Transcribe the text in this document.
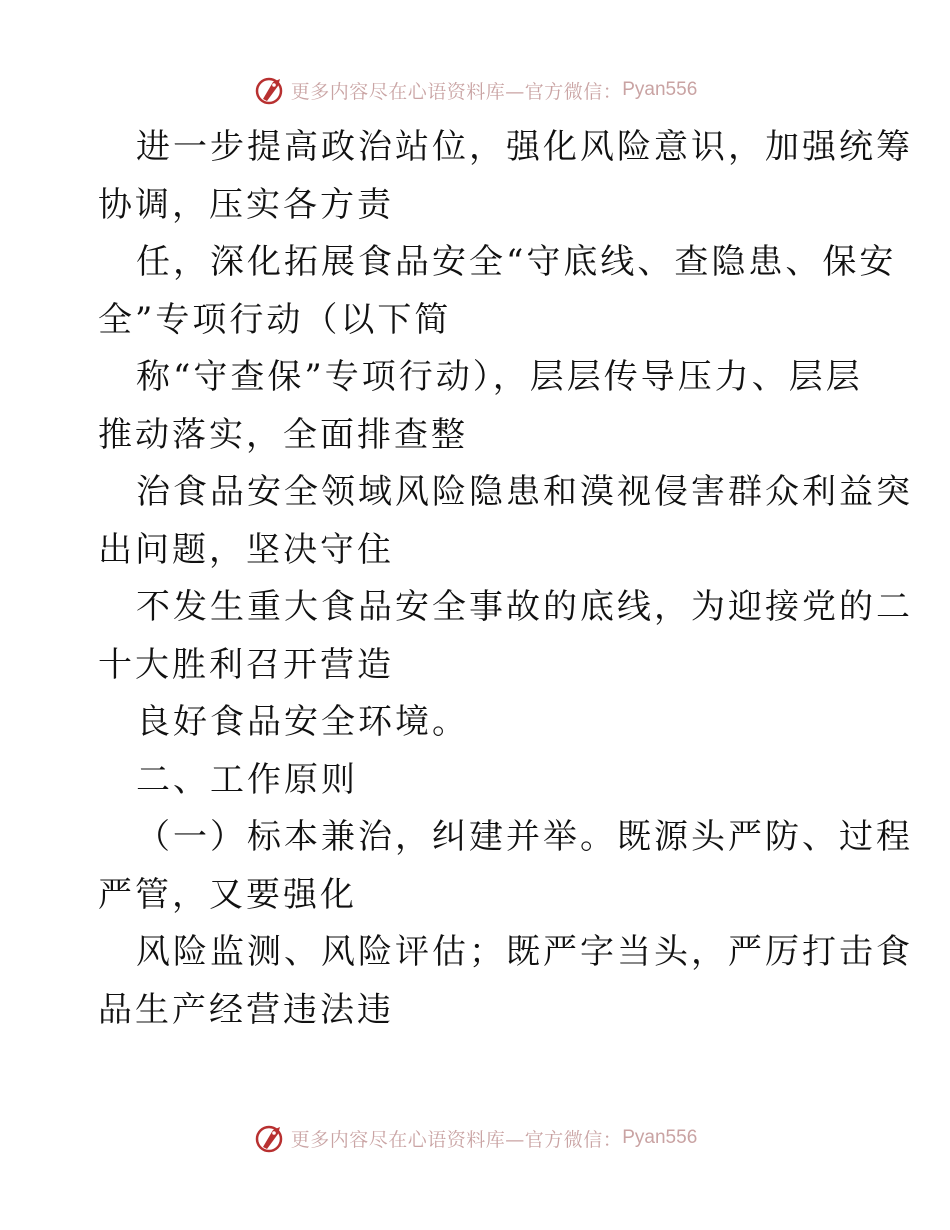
更多内容尽在心语资料库—官方微信： Pyan556
进一步提高政治站位，强化风险意识，加强统筹
协调，压实各方责
任，深化拓展食品安全“守底线、查隐患、保安
全”专项行动（以下简
称“守查保”专项行动），层层传导压力、层层
推动落实，全面排查整
治食品安全领域风险隐患和漠视侵害群众利益突
出问题，坚决守住
不发生重大食品安全事故的底线，为迎接党的二
十大胜利召开营造
良好食品安全环境。
二、工作原则
（一）标本兼治，纠建并举。既源头严防、过程
严管，又要强化
风险监测、风险评估；既严字当头，严厉打击食
品生产经营违法违
更多内容尽在心语资料库—官方微信： Pyan556
